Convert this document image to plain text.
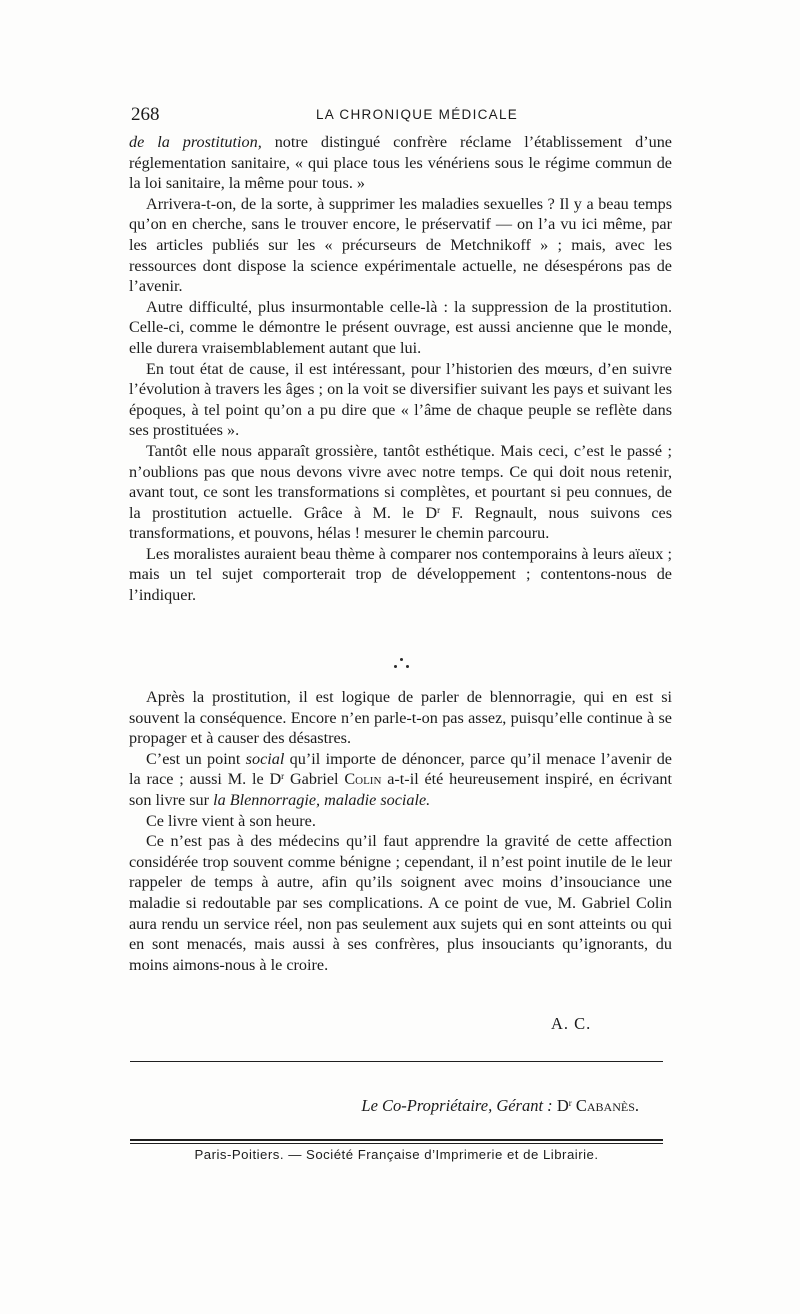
268	LA CHRONIQUE MÉDICALE

de la prostitution, notre distingué confrère réclame l’établissement d’une réglementation sanitaire, « qui place tous les vénériens sous le régime commun de la loi sanitaire, la même pour tous. »

Arrivera-t-on, de la sorte, à supprimer les maladies sexuelles ? Il y a beau temps qu’on en cherche, sans le trouver encore, le préservatif — on l’a vu ici même, par les articles publiés sur les « précurseurs de Metchnikoff » ; mais, avec les ressources dont dispose la science expérimentale actuelle, ne désespérons pas de l’avenir.

Autre difficulté, plus insurmontable celle-là : la suppression de la prostitution. Celle-ci, comme le démontre le présent ouvrage, est aussi ancienne que le monde, elle durera vraisemblablement autant que lui.

En tout état de cause, il est intéressant, pour l’historien des mœurs, d’en suivre l’évolution à travers les âges ; on la voit se diversifier suivant les pays et suivant les époques, à tel point qu’on a pu dire que « l’âme de chaque peuple se reflète dans ses prostituées ».

Tantôt elle nous apparaît grossière, tantôt esthétique. Mais ceci, c’est le passé ; n’oublions pas que nous devons vivre avec notre temps. Ce qui doit nous retenir, avant tout, ce sont les transformations si complètes, et pourtant si peu connues, de la prostitution actuelle. Grâce à M. le $D^r$ F. Regnault, nous suivons ces transformations, et pouvons, hélas ! mesurer le chemin parcouru.

Les moralistes auraient beau thème à comparer nos contemporains à leurs aïeux ; mais un tel sujet comporterait trop de développement ; contentons-nous de l’indiquer.

Après la prostitution, il est logique de parler de blennorragie, qui en est si souvent la conséquence. Encore n’en parle-t-on pas assez, puisqu’elle continue à se propager et à causer des désastres.

C’est un point social qu’il importe de dénoncer, parce qu’il menace l’avenir de la race ; aussi M. le $D^r$ Gabriel Colin a-t-il été heureusement inspiré, en écrivant son livre sur la Blennorragie, maladie sociale.

Ce livre vient à son heure.

Ce n’est pas à des médecins qu’il faut apprendre la gravité de cette affection considérée trop souvent comme bénigne ; cependant, il n’est point inutile de le leur rappeler de temps à autre, afin qu’ils soignent avec moins d’insouciance une maladie si redoutable par ses complications. A ce point de vue, M. Gabriel Colin aura rendu un service réel, non pas seulement aux sujets qui en sont atteints ou qui en sont menacés, mais aussi à ses confrères, plus insouciants qu’ignorants, du moins aimons-nous à le croire.

A. C.
Le Co-Propriétaire, Gérant : $D^r$ Cabanès.
Paris-Poitiers. — Société Française d’Imprimerie et de Librairie.
